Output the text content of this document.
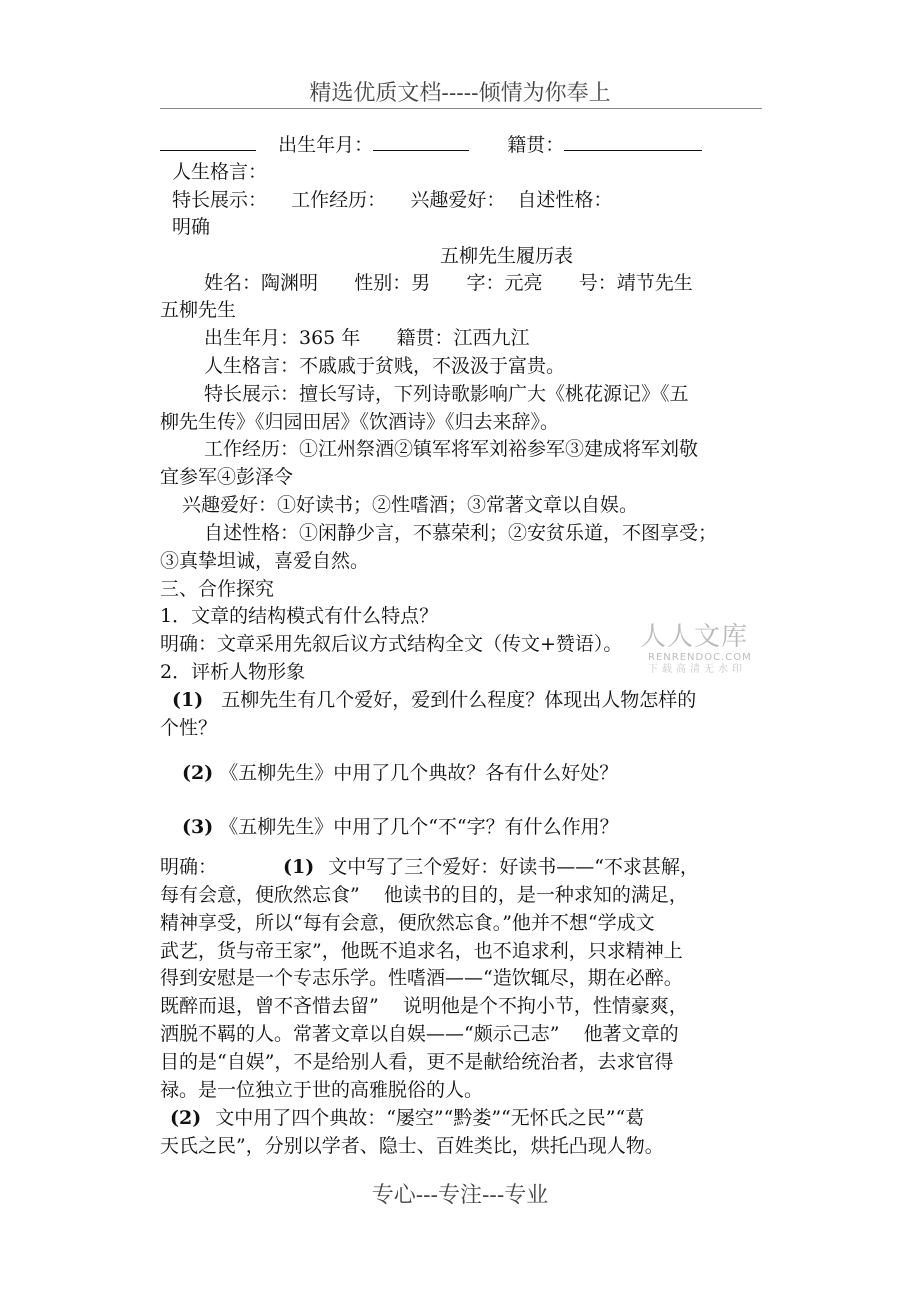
精选优质文档-----倾情为你奉上
出生年月：	籍贯：
人生格言：
特长展示：    工作经历：    兴趣爱好：  自述性格：
明确
五柳先生履历表
姓名：陶渊明      性别：男      字：元亮      号：靖节先生
五柳先生
出生年月：365 年      籍贯：江西九江
人生格言：不戚戚于贫贱，不汲汲于富贵。
特长展示：擅长写诗，下列诗歌影响广大《桃花源记》《五
柳先生传》《归园田居》《饮酒诗》《归去来辞》。
工作经历：①江州祭酒②镇军将军刘裕参军③建成将军刘敬
宜参军④彭泽令
兴趣爱好：①好读书；②性嗜酒；③常著文章以自娱。
自述性格：①闲静少言，不慕荣利；②安贫乐道，不图享受；
③真挚坦诚，喜爱自然。
三、合作探究
1．文章的结构模式有什么特点？
明确：文章采用先叙后议方式结构全文（传文+赞语）。
2．评析人物形象
(1) 五柳先生有几个爱好，爱到什么程度？体现出人物怎样的
个性？
(2) 《五柳先生》中用了几个典故？各有什么好处？
(3) 《五柳先生》中用了几个“不“字？有什么作用？
明确：	(1) 文中写了三个爱好：好读书——“不求甚解，
每有会意，便欣然忘食”    他读书的目的，是一种求知的满足，
精神享受，所以“每有会意，便欣然忘食。”他并不想“学成文
武艺，货与帝王家”，他既不追求名，也不追求利，只求精神上
得到安慰是一个专志乐学。性嗜酒——“造饮辄尽，期在必醉。
既醉而退，曾不吝惜去留”    说明他是个不拘小节，性情豪爽，
洒脱不羁的人。常著文章以自娱——“颇示己志”    他著文章的
目的是“自娱”，不是给别人看，更不是献给统治者，去求官得
禄。是一位独立于世的高雅脱俗的人。
(2) 文中用了四个典故：“屡空”“黔娄”“无怀氏之民”“葛
天氏之民”，分别以学者、隐士、百姓类比，烘托凸现人物。
人人文库
RENRENDOC.COM
下载高清无水印
专心---专注---专业
